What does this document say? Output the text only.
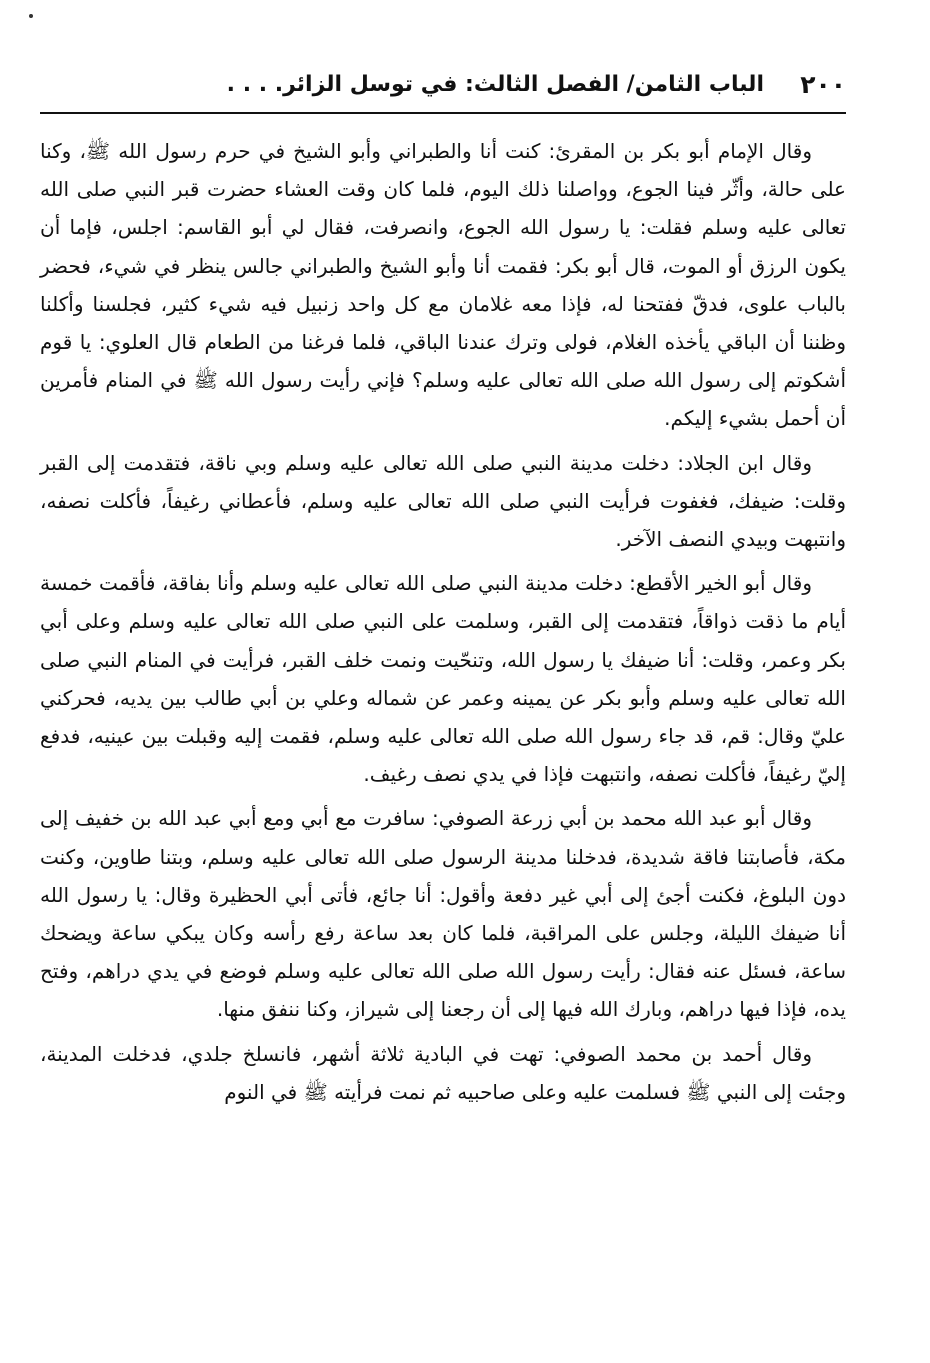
٢٠٠
الباب الثامن/ الفصل الثالث: في توسل الزائر. . . .

وقال الإمام أبو بكر بن المقرئ: كنت أنا والطبراني وأبو الشيخ في حرم رسول الله ﷺ، وكنا على حالة، وأثّر فينا الجوع، وواصلنا ذلك اليوم، فلما كان وقت العشاء حضرت قبر النبي صلى الله تعالى عليه وسلم فقلت: يا رسول الله الجوع، وانصرفت، فقال لي أبو القاسم: اجلس، فإما أن يكون الرزق أو الموت، قال أبو بكر: فقمت أنا وأبو الشيخ والطبراني جالس ينظر في شيء، فحضر بالباب علوى، فدقّ ففتحنا له، فإذا معه غلامان مع كل واحد زنبيل فيه شيء كثير، فجلسنا وأكلنا وظننا أن الباقي يأخذه الغلام، فولى وترك عندنا الباقي، فلما فرغنا من الطعام قال العلوي: يا قوم أشكوتم إلى رسول الله صلى الله تعالى عليه وسلم؟ فإني رأيت رسول الله ﷺ في المنام فأمرين أن أحمل بشيء إليكم.

وقال ابن الجلاد: دخلت مدينة النبي صلى الله تعالى عليه وسلم وبي ناقة، فتقدمت إلى القبر وقلت: ضيفك، فغفوت فرأيت النبي صلى الله تعالى عليه وسلم، فأعطاني رغيفاً، فأكلت نصفه، وانتبهت وبيدي النصف الآخر.

وقال أبو الخير الأقطع: دخلت مدينة النبي صلى الله تعالى عليه وسلم وأنا بفاقة، فأقمت خمسة أيام ما ذقت ذواقاً، فتقدمت إلى القبر، وسلمت على النبي صلى الله تعالى عليه وسلم وعلى أبي بكر وعمر، وقلت: أنا ضيفك يا رسول الله، وتنحّيت ونمت خلف القبر، فرأيت في المنام النبي صلى الله تعالى عليه وسلم وأبو بكر عن يمينه وعمر عن شماله وعلي بن أبي طالب بين يديه، فحركني عليّ وقال: قم، قد جاء رسول الله صلى الله تعالى عليه وسلم، فقمت إليه وقبلت بين عينيه، فدفع إليّ رغيفاً، فأكلت نصفه، وانتبهت فإذا في يدي نصف رغيف.

وقال أبو عبد الله محمد بن أبي زرعة الصوفي: سافرت مع أبي ومع أبي عبد الله بن خفيف إلى مكة، فأصابتنا فاقة شديدة، فدخلنا مدينة الرسول صلى الله تعالى عليه وسلم، وبتنا طاوين، وكنت دون البلوغ، فكنت أجئ إلى أبي غير دفعة وأقول: أنا جائع، فأتى أبي الحظيرة وقال: يا رسول الله أنا ضيفك الليلة، وجلس على المراقبة، فلما كان بعد ساعة رفع رأسه وكان يبكي ساعة ويضحك ساعة، فسئل عنه فقال: رأيت رسول الله صلى الله تعالى عليه وسلم فوضع في يدي دراهم، وفتح يده، فإذا فيها دراهم، وبارك الله فيها إلى أن رجعنا إلى شيراز، وكنا ننفق منها.

وقال أحمد بن محمد الصوفي: تهت في البادية ثلاثة أشهر، فانسلخ جلدي، فدخلت المدينة، وجئت إلى النبي ﷺ فسلمت عليه وعلى صاحبيه ثم نمت فرأيته ﷺ في النوم
